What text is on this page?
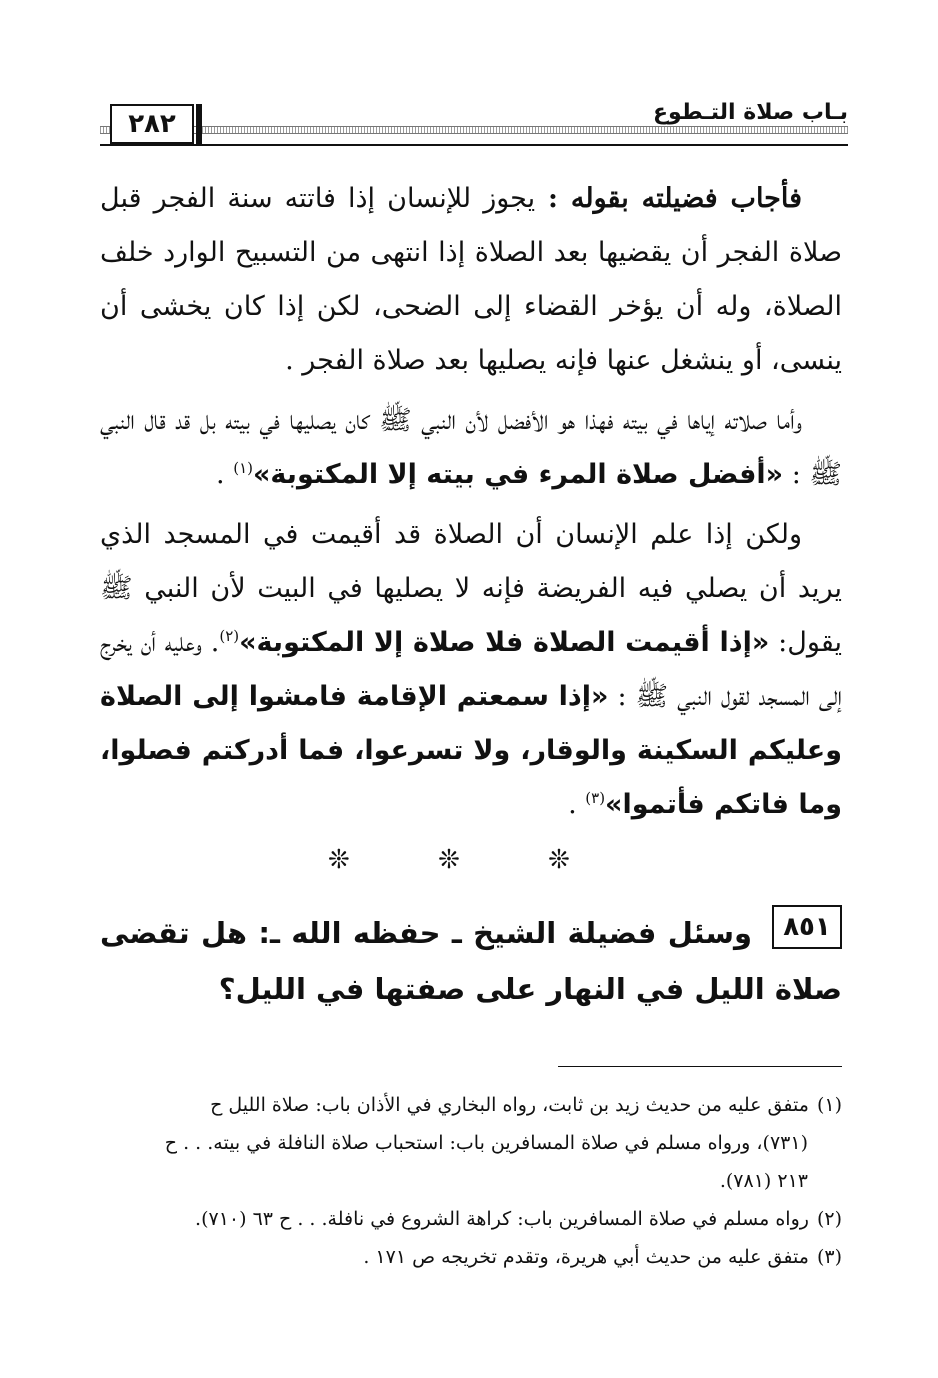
بـاب صلاة التـطوع
٢٨٢

فأجاب فضيلته بقوله : يجوز للإنسان إذا فاتته سنة الفجر قبل صلاة الفجر أن يقضيها بعد الصلاة إذا انتهى من التسبيح الوارد خلف الصلاة، وله أن يؤخر القضاء إلى الضحى، لكن إذا كان يخشى أن ينسى، أو ينشغل عنها فإنه يصليها بعد صلاة الفجر .

وأما صلاته إياها في بيته فهذا هو الأفضل لأن النبي ﷺ كان يصليها في بيته بل قد قال النبي ﷺ : «أفضل صلاة المرء في بيته إلا المكتوبة»$^{(١)}$ .

ولكن إذا علم الإنسان أن الصلاة قد أقيمت في المسجد الذي يريد أن يصلي فيه الفريضة فإنه لا يصليها في البيت لأن النبي ﷺ يقول: «إذا أقيمت الصلاة فلا صلاة إلا المكتوبة»$^{(٢)}$. وعليه أن يخرج إلى المسجد لقول النبي ﷺ : «إذا سمعتم الإقامة فامشوا إلى الصلاة وعليكم السكينة والوقار، ولا تسرعوا، فما أدركتم فصلوا، وما فاتكم فأتموا»$^{(٣)}$ .

❊ ❊ ❊
٨٥١

وسئل فضيلة الشيخ ـ حفظه الله ـ: هل تقضى صلاة الليل في النهار على صفتها في الليل؟

(١)متفق عليه من حديث زيد بن ثابت، رواه البخاري في الأذان باب: صلاة الليل ح

(٧٣١)، ورواه مسلم في صلاة المسافرين باب: استحباب صلاة النافلة في بيته. . . ح

٢١٣ (٧٨١).

(٢)رواه مسلم في صلاة المسافرين باب: كراهة الشروع في نافلة. . . ح ٦٣ (٧١٠).

(٣)متفق عليه من حديث أبي هريرة، وتقدم تخريجه ص ١٧١ .
